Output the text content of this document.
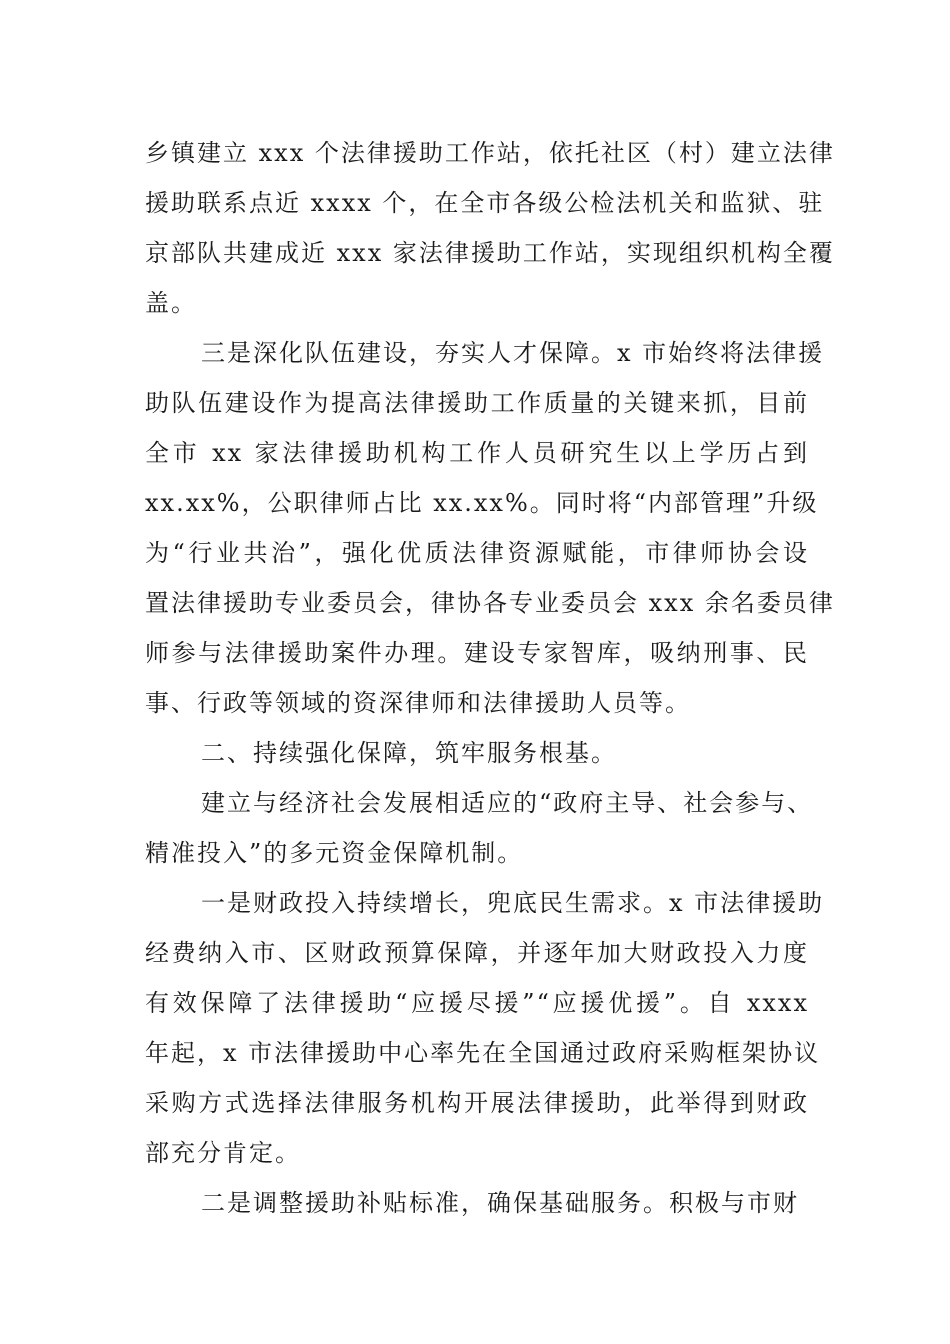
乡镇建立 xxx 个法律援助工作站，依托社区（村）建立法律
援助联系点近 xxxx 个，在全市各级公检法机关和监狱、驻
京部队共建成近 xxx 家法律援助工作站，实现组织机构全覆
盖。
三是深化队伍建设，夯实人才保障。x 市始终将法律援
助队伍建设作为提高法律援助工作质量的关键来抓，目前
全市 xx 家法律援助机构工作人员研究生以上学历占到
xx.xx%，公职律师占比 xx.xx%。同时将“内部管理”升级
为“行业共治”，强化优质法律资源赋能，市律师协会设
置法律援助专业委员会，律协各专业委员会 xxx 余名委员律
师参与法律援助案件办理。建设专家智库，吸纳刑事、民
事、行政等领域的资深律师和法律援助人员等。
二、持续强化保障，筑牢服务根基。
建立与经济社会发展相适应的“政府主导、社会参与、
精准投入”的多元资金保障机制。
一是财政投入持续增长，兜底民生需求。x 市法律援助
经费纳入市、区财政预算保障，并逐年加大财政投入力度
有效保障了法律援助“应援尽援”“应援优援”。自 xxxx
年起，x 市法律援助中心率先在全国通过政府采购框架协议
采购方式选择法律服务机构开展法律援助，此举得到财政
部充分肯定。
二是调整援助补贴标准，确保基础服务。积极与市财
